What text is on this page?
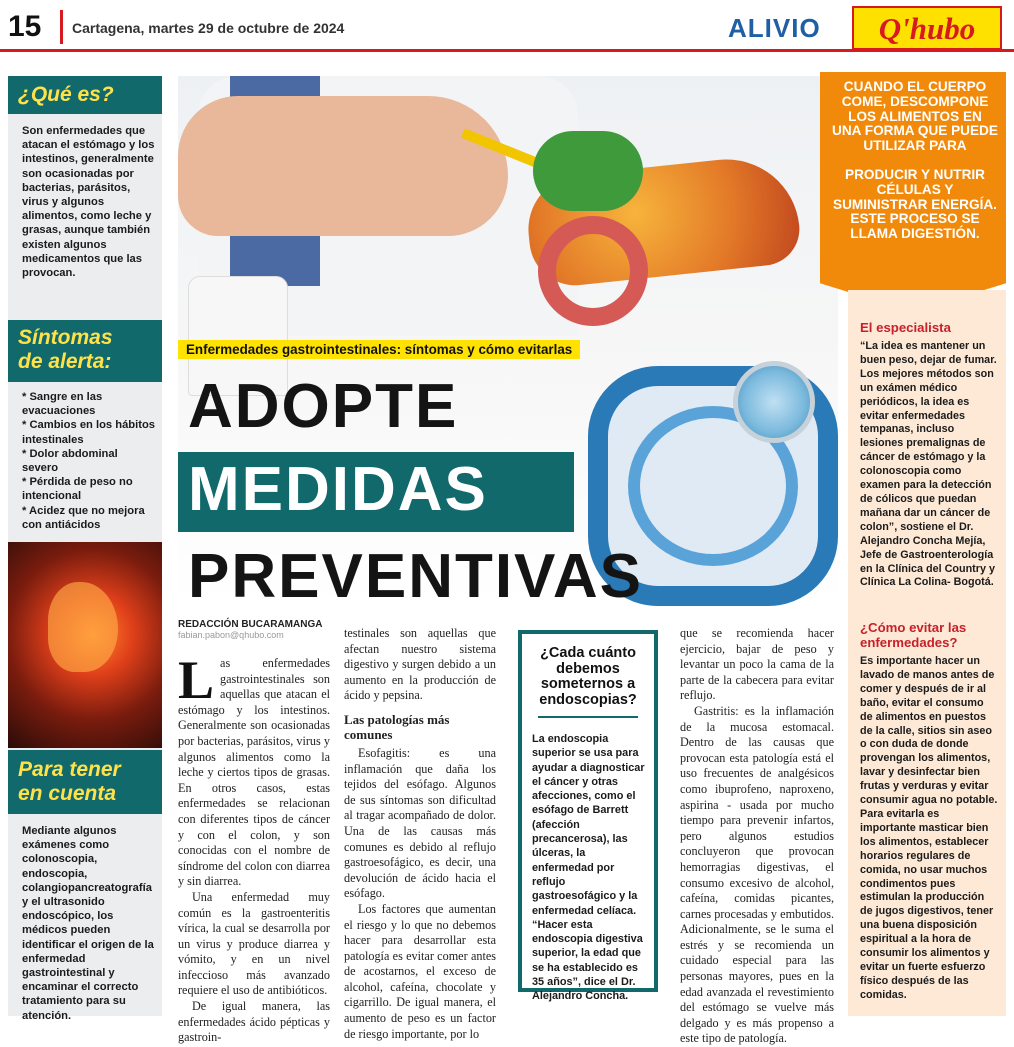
15 Cartagena, martes 29 de octubre de 2024	ALIVIO	Q'hubo
¿Qué es?
Son enfermedades que atacan el estómago y los intestinos, generalmente son ocasionadas por bacterias, parásitos, virus y algunos alimentos, como leche y grasas, aunque también existen algunos medicamentos que las provocan.
Síntomas
de alerta:
* Sangre en las evacuaciones
* Cambios en los hábitos intestinales
* Dolor abdominal severo
* Pérdida de peso no intencional
* Acidez que no mejora con antiácidos
Para tener
en cuenta
Mediante algunos exámenes como colonoscopia, endoscopia, colangiopancreatografía y el ultrasonido endoscópico, los médicos pueden identificar el origen de la enfermedad gastrointestinal y encaminar el correcto tratamiento para su atención.
Enfermedades gastrointestinales: síntomas y cómo evitarlas
ADOPTE
MEDIDAS
PREVENTIVAS
CUANDO EL CUERPO COME, DESCOMPONE LOS ALIMENTOS EN UNA FORMA QUE PUEDE UTILIZAR PARA
PRODUCIR Y NUTRIR CÉLULAS Y SUMINISTRAR ENERGÍA. ESTE PROCESO SE LLAMA DIGESTIÓN.
REDACCIÓN BUCARAMANGA
fabian.pabon@qhubo.com

Las enfermedades gastrointestinales son aquellas que atacan el estómago y los intestinos. Generalmente son ocasionadas por bacterias, parásitos, virus y algunos alimentos como la leche y ciertos tipos de grasas. En otros casos, estas enfermedades se relacionan con diferentes tipos de cáncer y con el colon, y son conocidas con el nombre de síndrome del colon con diarrea y sin diarrea.

Una enfermedad muy común es la gastroenteritis vírica, la cual se desarrolla por un virus y produce diarrea y vómito, y en un nivel infeccioso más avanzado requiere el uso de antibióticos.

De igual manera, las enfermedades ácido pépticas y gastroin-

testinales son aquellas que afectan nuestro sistema digestivo y surgen debido a un aumento en la producción de ácido y pepsina.

Las patologías más comunes

Esofagitis: es una inflamación que daña los tejidos del esófago. Algunos de sus síntomas son dificultad al tragar acompañado de dolor. Una de las causas más comunes es debido al reflujo gastroesofágico, es decir, una devolución de ácido hacia el esófago.

Los factores que aumentan el riesgo y lo que no debemos hacer para desarrollar esta patología es evitar comer antes de acostarnos, el exceso de alcohol, cafeína, chocolate y cigarrillo. De igual manera, el aumento de peso es un factor de riesgo importante, por lo

¿Cada cuánto debemos someternos a endoscopias?
La endoscopia superior se usa para ayudar a diagnosticar el cáncer y otras afecciones, como el esófago de Barrett (afección precancerosa), las úlceras, la enfermedad por reflujo gastroesofágico y la enfermedad celíaca. “Hacer esta endoscopia digestiva superior, la edad que se ha establecido es 35 años”, dice el Dr. Alejandro Concha.

que se recomienda hacer ejercicio, bajar de peso y levantar un poco la cama de la parte de la cabecera para evitar reflujo.

Gastritis: es la inflamación de la mucosa estomacal. Dentro de las causas que provocan esta patología está el uso frecuentes de analgésicos como ibuprofeno, naproxeno, aspirina - usada por mucho tiempo para prevenir infartos, pero algunos estudios concluyeron que provocan hemorragias digestivas, el consumo excesivo de alcohol, cafeína, comidas picantes, carnes procesadas y embutidos. Adicionalmente, se le suma el estrés y se recomienda un cuidado especial para las personas mayores, pues en la edad avanzada el revestimiento del estómago se vuelve más delgado y es más propenso a este tipo de patología.

El especialista
“La idea es mantener un buen peso, dejar de fumar. Los mejores métodos son un exámen médico periódicos, la idea es evitar enfermedades tempanas, incluso lesiones premalignas de cáncer de estómago y la colonoscopia como examen para la detección de cólicos que puedan mañana dar un cáncer de colon”, sostiene el Dr. Alejandro Concha Mejía, Jefe de Gastroenterología en la Clínica del Country y Clínica La Colina- Bogotá.
¿Cómo evitar las enfermedades?

Es importante hacer un lavado de manos antes de comer y después de ir al baño, evitar el consumo de alimentos en puestos de la calle, sitios sin aseo o con duda de donde provengan los alimentos, lavar y desinfectar bien frutas y verduras y evitar consumir agua no potable.

Para evitarla es importante masticar bien los alimentos, establecer horarios regulares de comida, no usar muchos condimentos pues estimulan la producción de jugos digestivos, tener una buena disposición espiritual a la hora de consumir los alimentos y evitar un fuerte esfuerzo físico después de las comidas.
